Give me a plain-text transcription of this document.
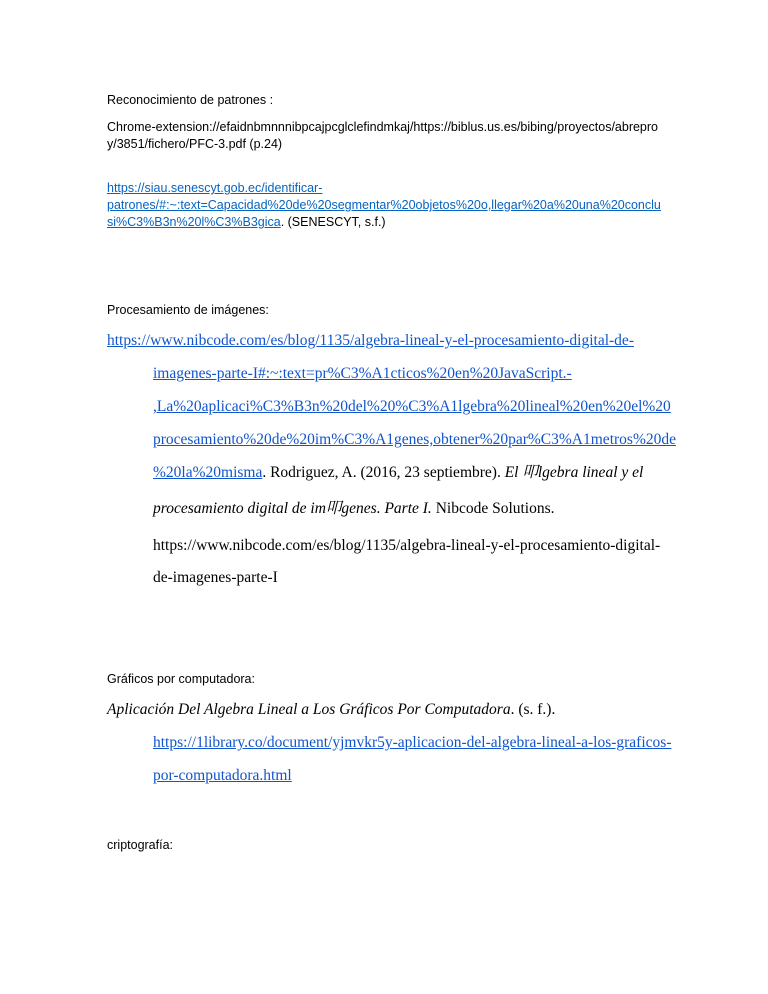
Reconocimiento de patrones :
Chrome-extension://efaidnbmnnnibpcajpcglclefindmkaj/https://biblus.us.es/bibing/proyectos/abreproy/3851/fichero/PFC-3.pdf (p.24)
https://siau.senescyt.gob.ec/identificar-
patrones/#:~:text=Capacidad%20de%20segmentar%20objetos%20o,llegar%20a%20una%20conclu
si%C3%B3n%20l%C3%B3gica. (SENESCYT, s.f.)
Procesamiento de imágenes:
https://www.nibcode.com/es/blog/1135/algebra-lineal-y-el-procesamiento-digital-de-
imagenes-parte-I#:~:text=pr%C3%A1cticos%20en%20JavaScript.-
,La%20aplicaci%C3%B3n%20del%20%C3%A1lgebra%20lineal%20en%20el%20
procesamiento%20de%20im%C3%A1genes,obtener%20par%C3%A1metros%20de
%20la%20misma. Rodriguez, A. (2016, 23 septiembre). El 叩lgebra lineal y el
procesamiento digital de im叩genes. Parte I. Nibcode Solutions.
https://www.nibcode.com/es/blog/1135/algebra-lineal-y-el-procesamiento-digital-
de-imagenes-parte-I
Gráficos por computadora:
Aplicación Del Algebra Lineal a Los Gráficos Por Computadora. (s. f.).
https://1library.co/document/yjmvkr5y-aplicacion-del-algebra-lineal-a-los-graficos-
por-computadora.html
criptografía:
